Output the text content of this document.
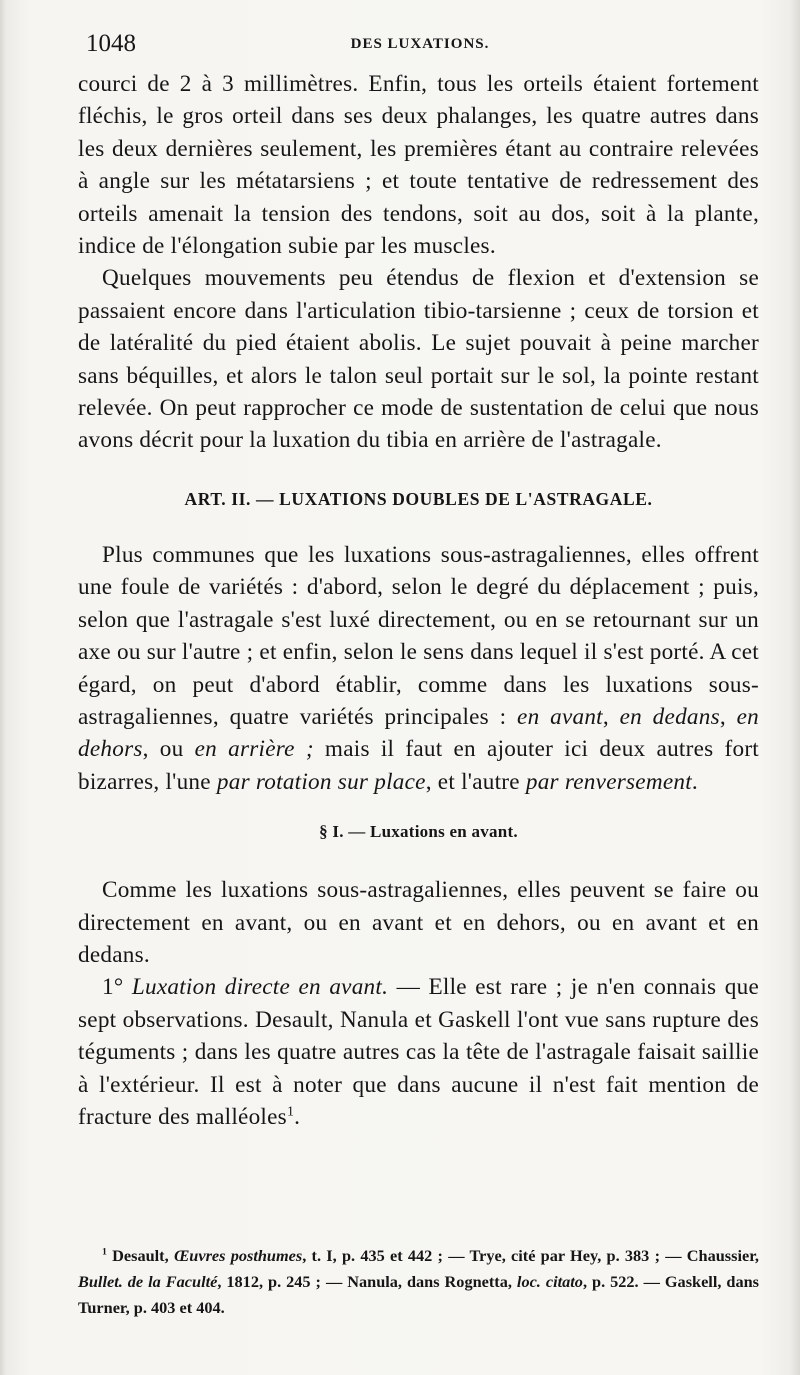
1048	DES LUXATIONS.

courci de 2 à 3 millimètres. Enfin, tous les orteils étaient fortement fléchis, le gros orteil dans ses deux phalanges, les quatre autres dans les deux dernières seulement, les premières étant au contraire relevées à angle sur les métatarsiens ; et toute tentative de redressement des orteils amenait la tension des tendons, soit au dos, soit à la plante, indice de l'élongation subie par les muscles.

Quelques mouvements peu étendus de flexion et d'extension se passaient encore dans l'articulation tibio-tarsienne ; ceux de torsion et de latéralité du pied étaient abolis. Le sujet pouvait à peine marcher sans béquilles, et alors le talon seul portait sur le sol, la pointe restant relevée. On peut rapprocher ce mode de sustentation de celui que nous avons décrit pour la luxation du tibia en arrière de l'astragale.

ART. II. — LUXATIONS DOUBLES DE L'ASTRAGALE.

Plus communes que les luxations sous-astragaliennes, elles offrent une foule de variétés : d'abord, selon le degré du déplacement ; puis, selon que l'astragale s'est luxé directement, ou en se retournant sur un axe ou sur l'autre ; et enfin, selon le sens dans lequel il s'est porté. A cet égard, on peut d'abord établir, comme dans les luxations sous-astragaliennes, quatre variétés principales : en avant, en dedans, en dehors, ou en arrière ; mais il faut en ajouter ici deux autres fort bizarres, l'une par rotation sur place, et l'autre par renversement.

§ I. — Luxations en avant.

Comme les luxations sous-astragaliennes, elles peuvent se faire ou directement en avant, ou en avant et en dehors, ou en avant et en dedans.

1° Luxation directe en avant. — Elle est rare ; je n'en connais que sept observations. Desault, Nanula et Gaskell l'ont vue sans rupture des téguments ; dans les quatre autres cas la tête de l'astragale faisait saillie à l'extérieur. Il est à noter que dans aucune il n'est fait mention de fracture des malléoles$^1$.

$^1$ Desault, Œuvres posthumes, t. I, p. 435 et 442 ; — Trye, cité par Hey, p. 383 ; — Chaussier, Bullet. de la Faculté, 1812, p. 245 ; — Nanula, dans Rognetta, loc. citato, p. 522. — Gaskell, dans Turner, p. 403 et 404.
